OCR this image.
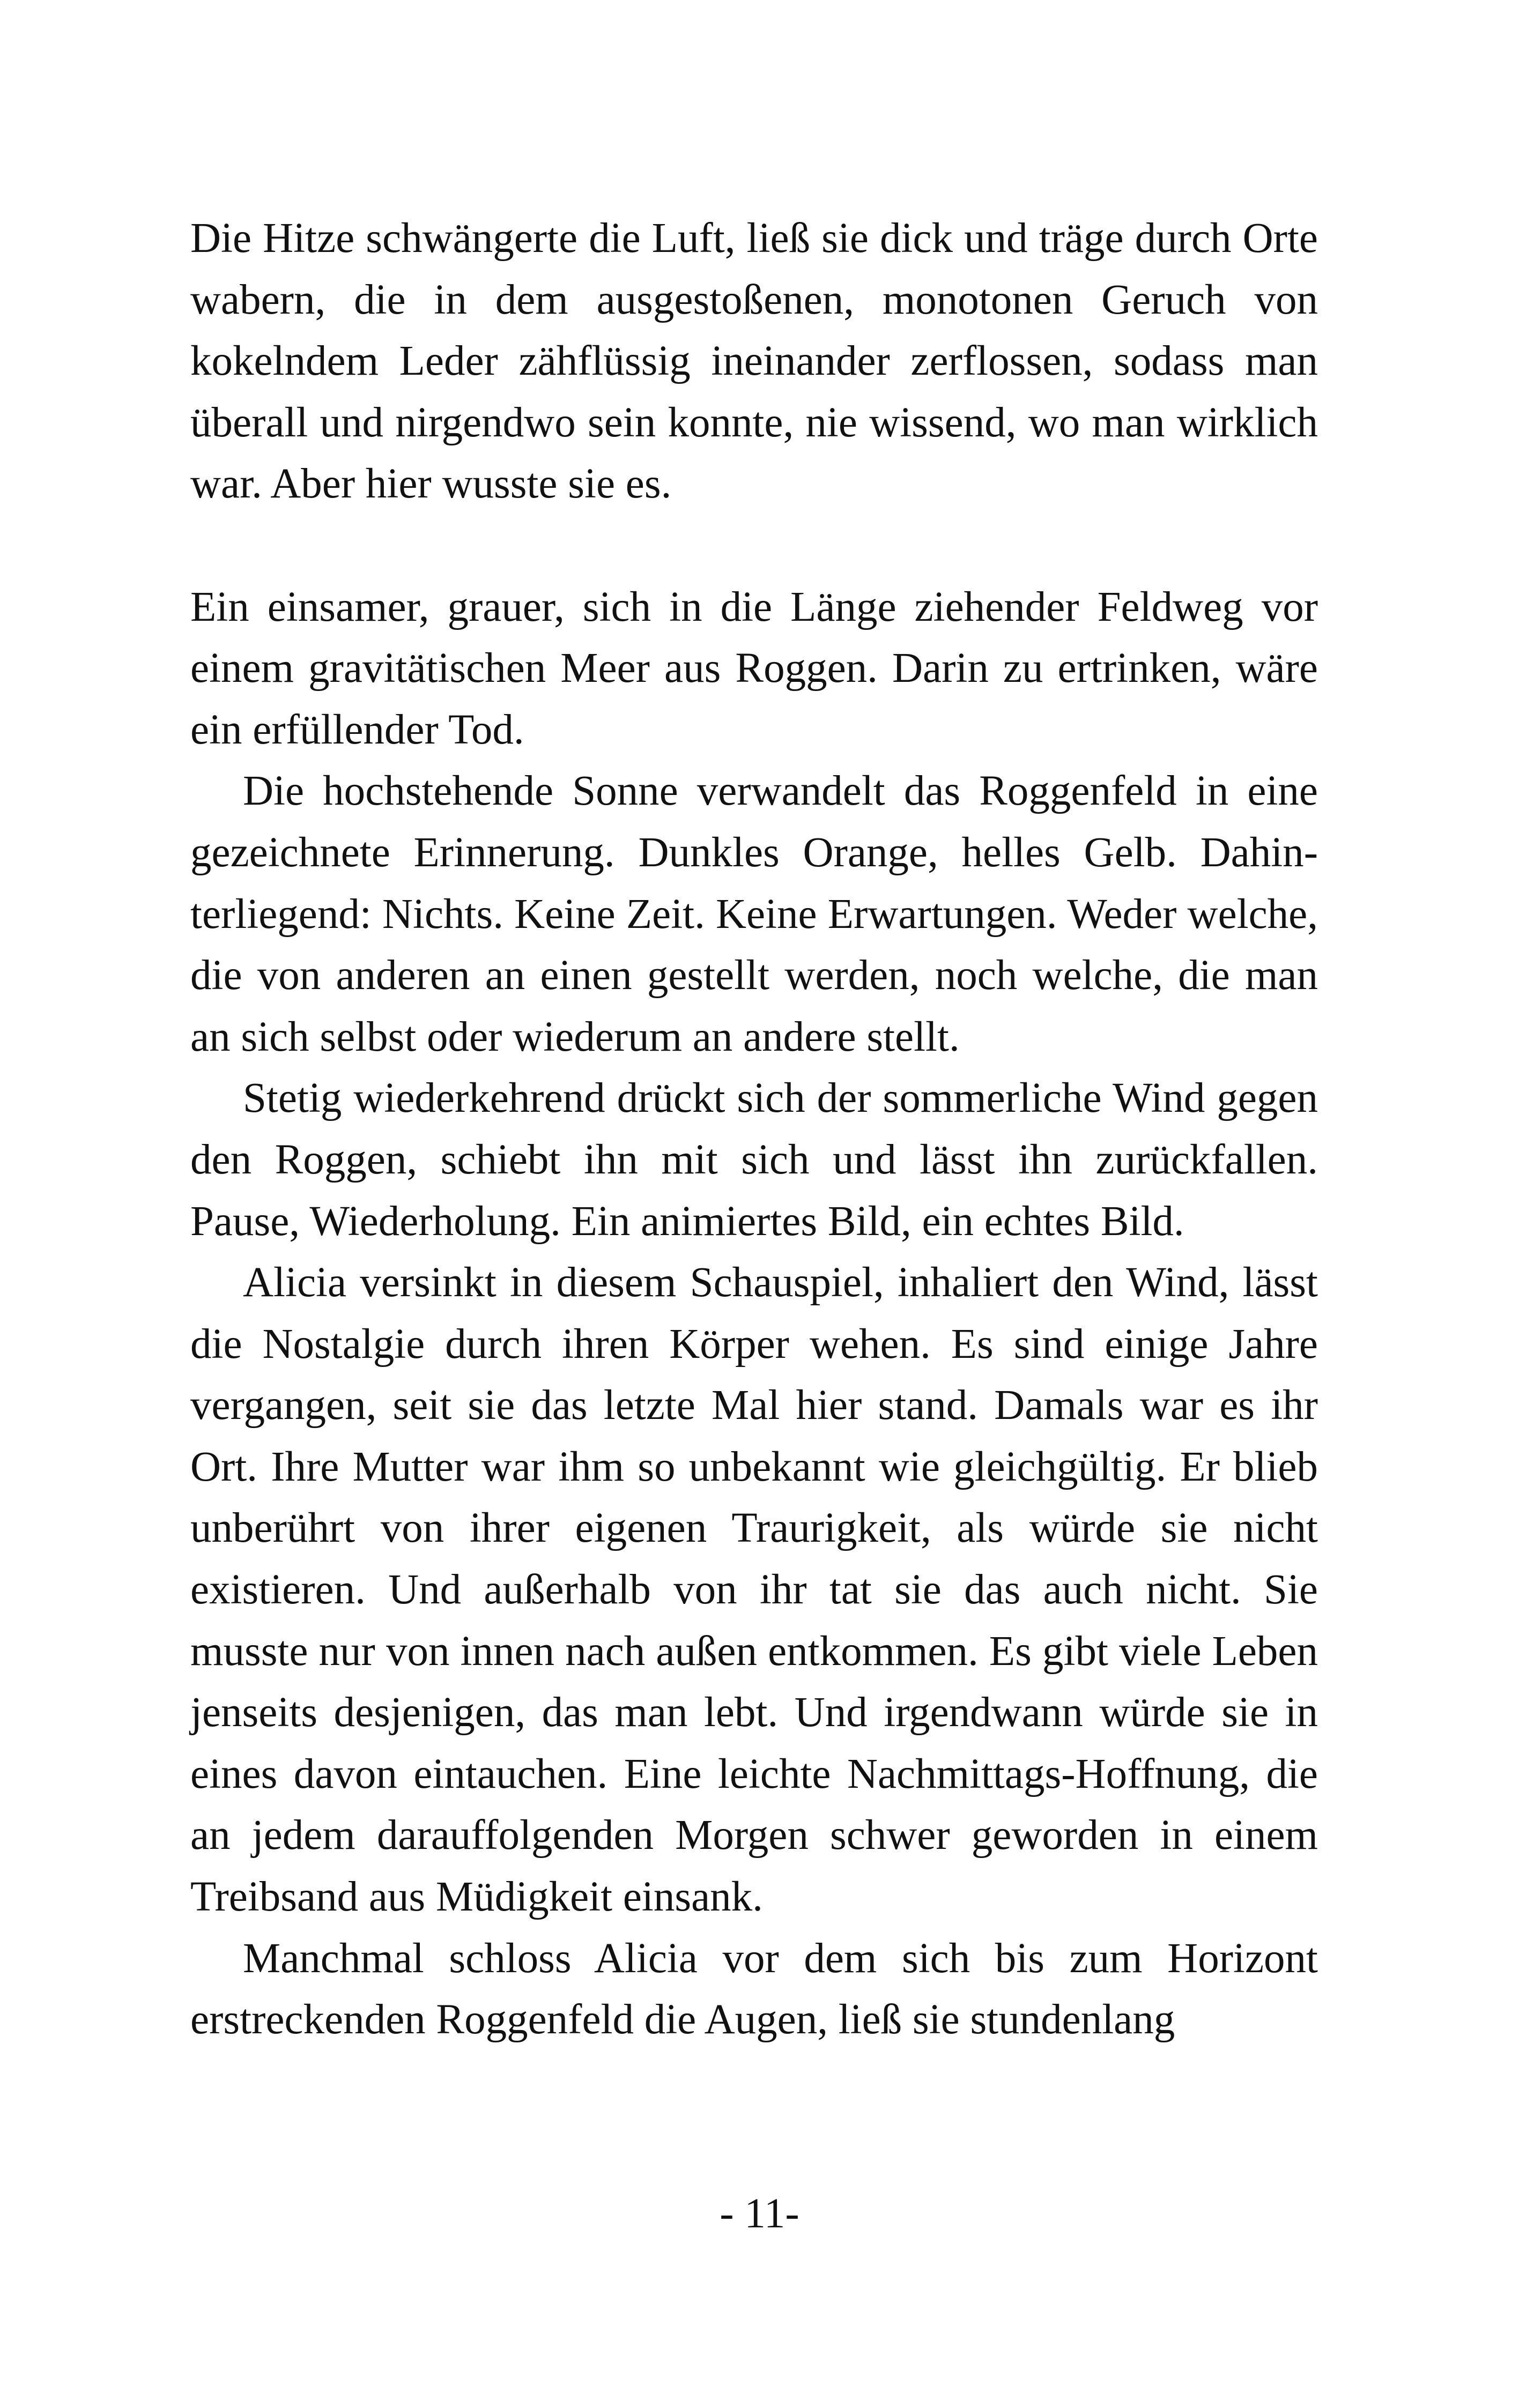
Die Hitze schwängerte die Luft, ließ sie dick und träge durch Orte wabern, die in dem ausgestoßenen, monotonen Geruch von kokelndem Leder zähflüssig ineinander zerflossen, sodass man überall und nirgendwo sein konnte, nie wissend, wo man wirklich war. Aber hier wusste sie es.

Ein einsamer, grauer, sich in die Länge ziehender Feldweg vor einem gravitätischen Meer aus Roggen. Darin zu ertrinken, wäre ein erfüllender Tod.

Die hochstehende Sonne verwandelt das Roggenfeld in eine gezeichnete Erinnerung. Dunkles Orange, helles Gelb. Dahinterliegend: Nichts. Keine Zeit. Keine Erwartungen. Weder welche, die von anderen an einen gestellt werden, noch welche, die man an sich selbst oder wiederum an andere stellt.

Stetig wiederkehrend drückt sich der sommerliche Wind gegen den Roggen, schiebt ihn mit sich und lässt ihn zurückfallen. Pause, Wiederholung. Ein animiertes Bild, ein echtes Bild.

Alicia versinkt in diesem Schauspiel, inhaliert den Wind, lässt die Nostalgie durch ihren Körper wehen. Es sind einige Jahre vergangen, seit sie das letzte Mal hier stand. Damals war es ihr Ort. Ihre Mutter war ihm so unbekannt wie gleichgültig. Er blieb unberührt von ihrer eigenen Traurigkeit, als würde sie nicht existieren. Und außerhalb von ihr tat sie das auch nicht. Sie musste nur von innen nach außen entkommen. Es gibt viele Leben jenseits desjenigen, das man lebt. Und irgendwann würde sie in eines davon eintauchen. Eine leichte Nachmittags-Hoffnung, die an jedem darauffolgenden Morgen schwer geworden in einem Treibsand aus Müdigkeit einsank.

Manchmal schloss Alicia vor dem sich bis zum Horizont erstreckenden Roggenfeld die Augen, ließ sie stundenlang

- 11-
